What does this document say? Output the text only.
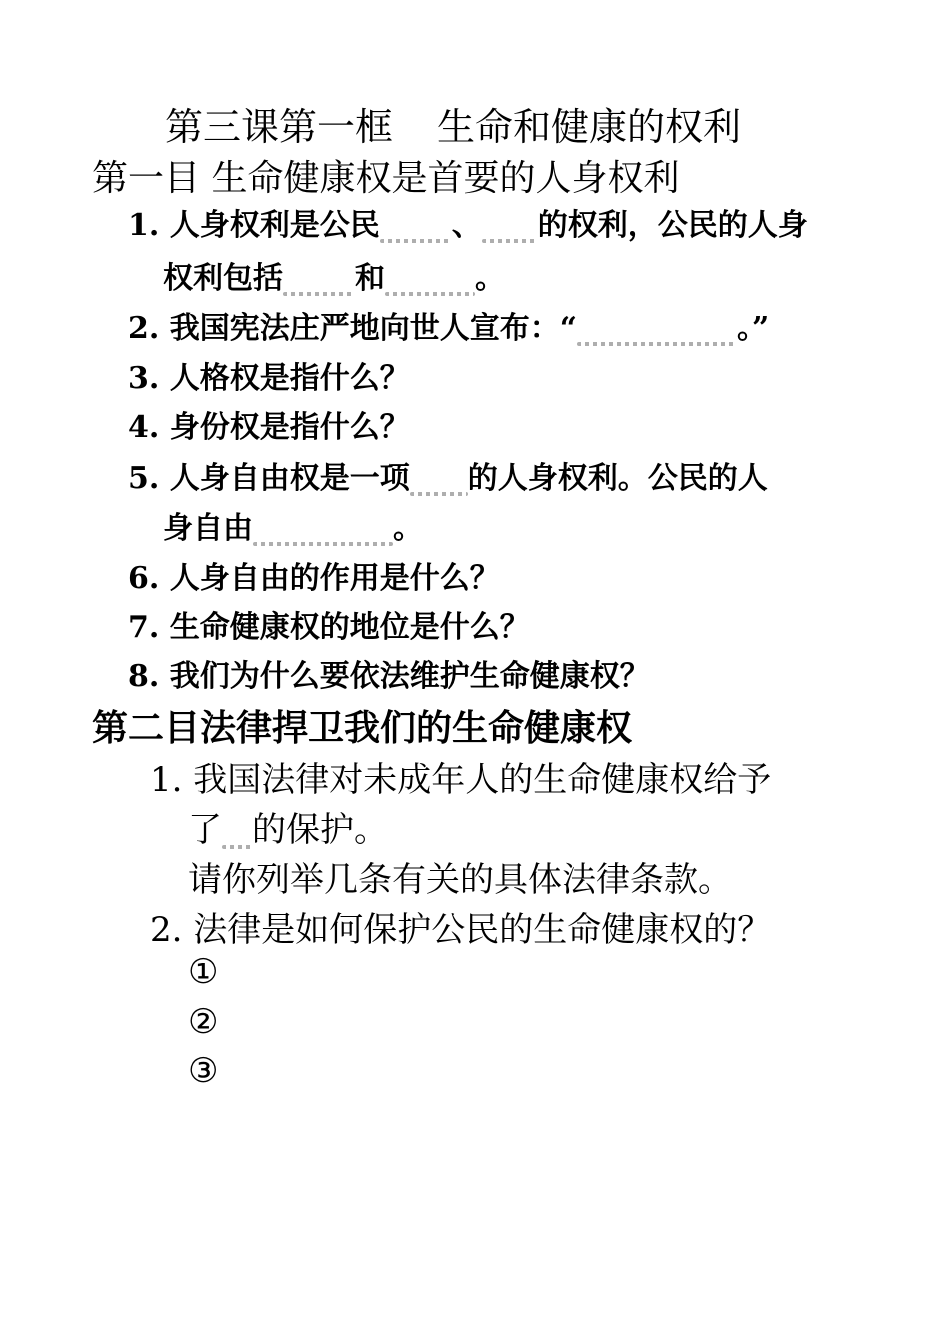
第三课第一框 生命和健康的权利
第一目 生命健康权是首要的人身权利
1. 人身权利是公民 、 的权利，公民的人身
权利包括 和	。
2. 我国宪法庄严地向世人宣布：“	。”
3. 人格权是指什么？
4. 身份权是指什么？
5. 人身自由权是一项 的人身权利。公民的人
身自由	。
6. 人身自由的作用是什么？
7. 生命健康权的地位是什么？
8. 我们为什么要依法维护生命健康权？
第二目法律捍卫我们的生命健康权
1. 我国法律对未成年人的生命健康权给予
了 的保护。
请你列举几条有关的具体法律条款。
2. 法律是如何保护公民的生命健康权的？
①
②
③
